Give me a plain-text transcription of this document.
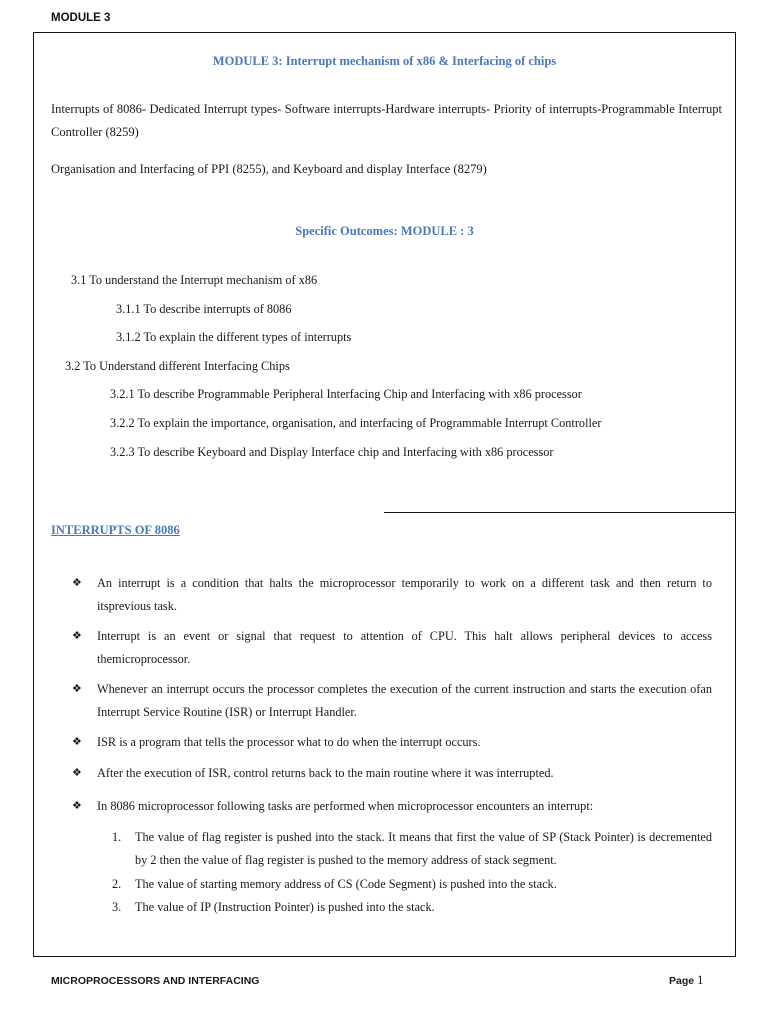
MODULE 3
MODULE 3: Interrupt mechanism of x86 & Interfacing of chips
Interrupts of 8086- Dedicated Interrupt types- Software interrupts-Hardware interrupts- Priority of interrupts-Programmable Interrupt Controller (8259)
Organisation and Interfacing of PPI (8255), and Keyboard and display Interface (8279)
Specific Outcomes: MODULE : 3
3.1 To understand the Interrupt mechanism of x86
3.1.1 To describe interrupts of 8086
3.1.2 To explain the different types of interrupts
3.2 To Understand different Interfacing Chips
3.2.1 To describe Programmable Peripheral Interfacing Chip and Interfacing with x86 processor
3.2.2 To explain the importance, organisation, and interfacing of Programmable Interrupt Controller
3.2.3 To describe Keyboard and Display Interface chip and Interfacing with x86 processor
INTERRUPTS OF 8086
❖	An interrupt is a condition that halts the microprocessor temporarily to work on a different task and then return to itsprevious task.
❖	Interrupt is an event or signal that request to attention of CPU. This halt allows peripheral devices to access themicroprocessor.
❖	Whenever an interrupt occurs the processor completes the execution of the current instruction and starts the execution ofan Interrupt Service Routine (ISR) or Interrupt Handler.
❖	ISR is a program that tells the processor what to do when the interrupt occurs.
❖	After the execution of ISR, control returns back to the main routine where it was interrupted.
❖	In 8086 microprocessor following tasks are performed when microprocessor encounters an interrupt:
1. The value of flag register is pushed into the stack. It means that first the value of SP (Stack Pointer) is decremented by 2 then the value of flag register is pushed to the memory address of stack segment.
2. The value of starting memory address of CS (Code Segment) is pushed into the stack.
3. The value of IP (Instruction Pointer) is pushed into the stack.
MICROPROCESSORS AND INTERFACING	Page 1
